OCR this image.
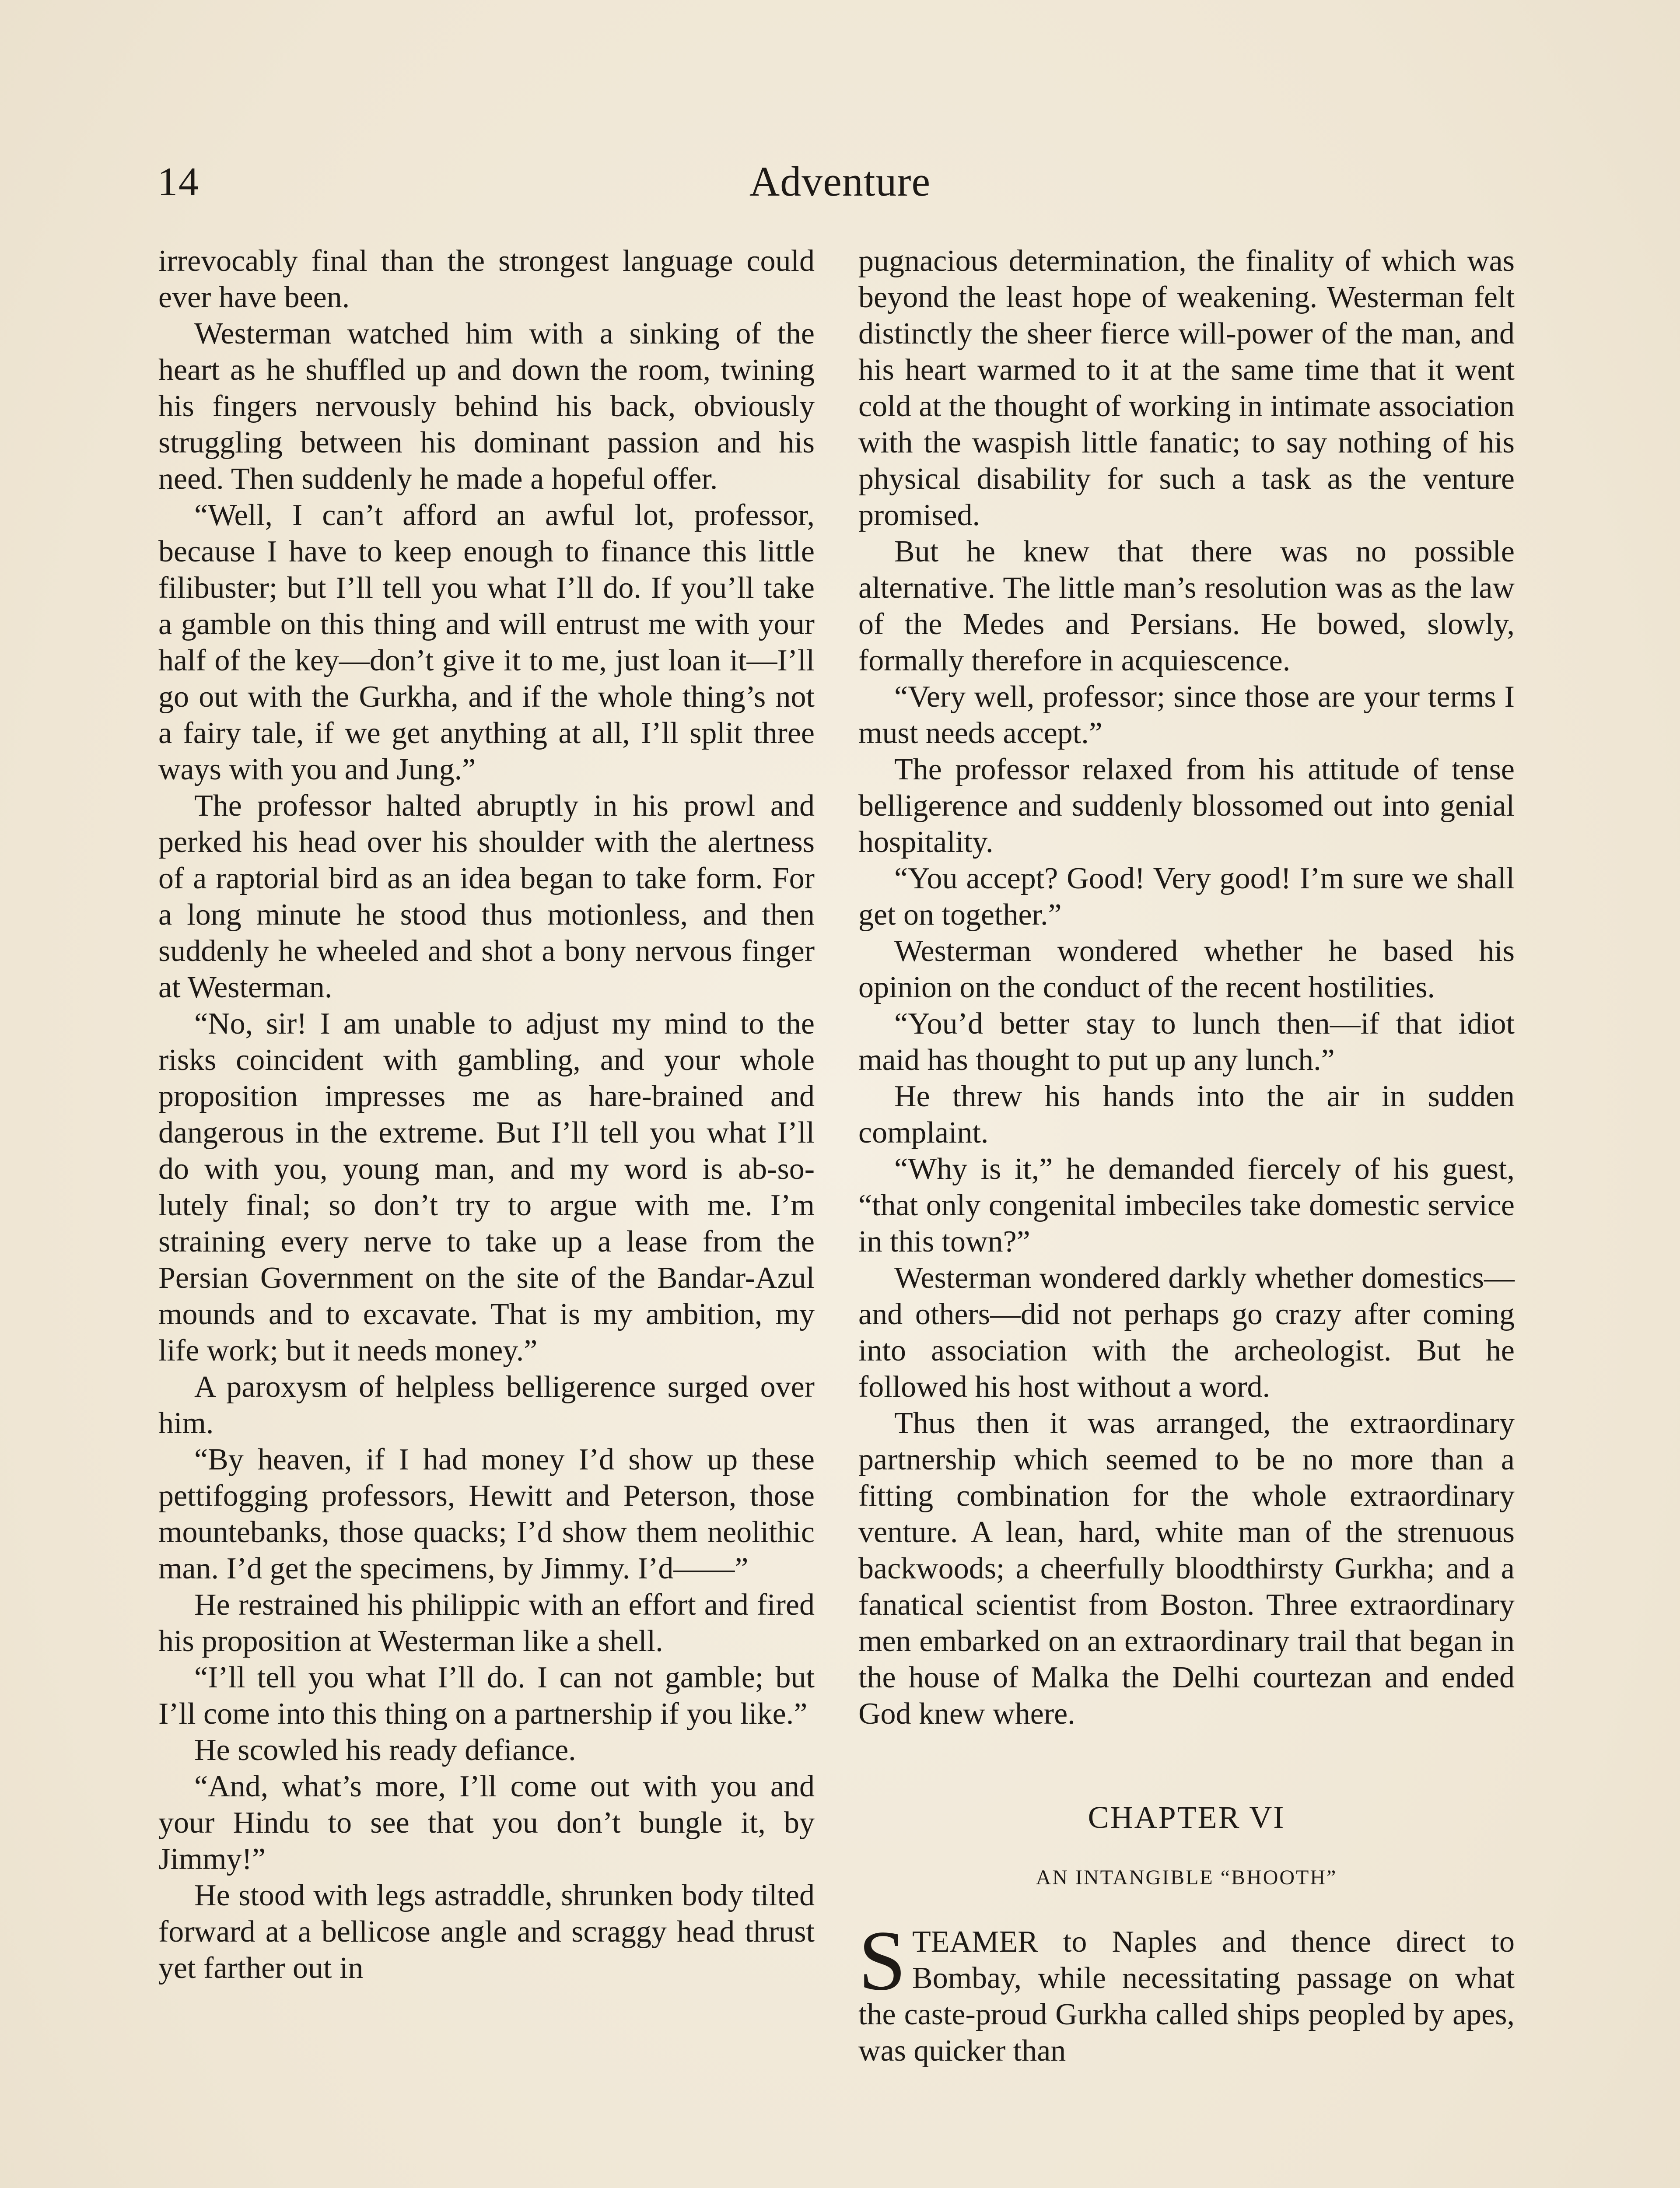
14	Adventure

irrevocably final than the strongest language could ever have been.

Westerman watched him with a sinking of the heart as he shuffled up and down the room, twining his fingers nervously behind his back, obviously struggling between his dominant passion and his need. Then suddenly he made a hopeful offer.

“Well, I can’t afford an awful lot, professor, because I have to keep enough to finance this little filibuster; but I’ll tell you what I’ll do. If you’ll take a gamble on this thing and will entrust me with your half of the key—don’t give it to me, just loan it—I’ll go out with the Gurkha, and if the whole thing’s not a fairy tale, if we get anything at all, I’ll split three ways with you and Jung.”

The professor halted abruptly in his prowl and perked his head over his shoulder with the alertness of a raptorial bird as an idea began to take form. For a long minute he stood thus motionless, and then suddenly he wheeled and shot a bony nervous finger at Westerman.

“No, sir! I am unable to adjust my mind to the risks coincident with gambling, and your whole proposition impresses me as hare-brained and dangerous in the extreme. But I’ll tell you what I’ll do with you, young man, and my word is ab-so-lutely final; so don’t try to argue with me. I’m straining every nerve to take up a lease from the Persian Government on the site of the Bandar-Azul mounds and to excavate. That is my ambition, my life work; but it needs money.”

A paroxysm of helpless belligerence surged over him.

“By heaven, if I had money I’d show up these pettifogging professors, Hewitt and Peterson, those mountebanks, those quacks; I’d show them neolithic man. I’d get the specimens, by Jimmy. I’d——”

He restrained his philippic with an effort and fired his proposition at Westerman like a shell.

“I’ll tell you what I’ll do. I can not gamble; but I’ll come into this thing on a partnership if you like.”

He scowled his ready defiance.

“And, what’s more, I’ll come out with you and your Hindu to see that you don’t bungle it, by Jimmy!”

He stood with legs astraddle, shrunken body tilted forward at a bellicose angle and scraggy head thrust yet farther out in

pugnacious determination, the finality of which was beyond the least hope of weakening. Westerman felt distinctly the sheer fierce will-power of the man, and his heart warmed to it at the same time that it went cold at the thought of working in intimate association with the waspish little fanatic; to say nothing of his physical disability for such a task as the venture promised.

But he knew that there was no possible alternative. The little man’s resolution was as the law of the Medes and Persians. He bowed, slowly, formally therefore in acquiescence.

“Very well, professor; since those are your terms I must needs accept.”

The professor relaxed from his attitude of tense belligerence and suddenly blossomed out into genial hospitality.

“You accept? Good! Very good! I’m sure we shall get on together.”

Westerman wondered whether he based his opinion on the conduct of the recent hostilities.

“You’d better stay to lunch then—if that idiot maid has thought to put up any lunch.”

He threw his hands into the air in sudden complaint.

“Why is it,” he demanded fiercely of his guest, “that only congenital imbeciles take domestic service in this town?”

Westerman wondered darkly whether domestics—and others—did not perhaps go crazy after coming into association with the archeologist. But he followed his host without a word.

Thus then it was arranged, the extraordinary partnership which seemed to be no more than a fitting combination for the whole extraordinary venture. A lean, hard, white man of the strenuous backwoods; a cheerfully bloodthirsty Gurkha; and a fanatical scientist from Boston. Three extraordinary men embarked on an extraordinary trail that began in the house of Malka the Delhi courtezan and ended God knew where.

CHAPTER VI

AN INTANGIBLE “BHOOTH”

STEAMER to Naples and thence direct to Bombay, while necessitating passage on what the caste-proud Gurkha called ships peopled by apes, was quicker than
